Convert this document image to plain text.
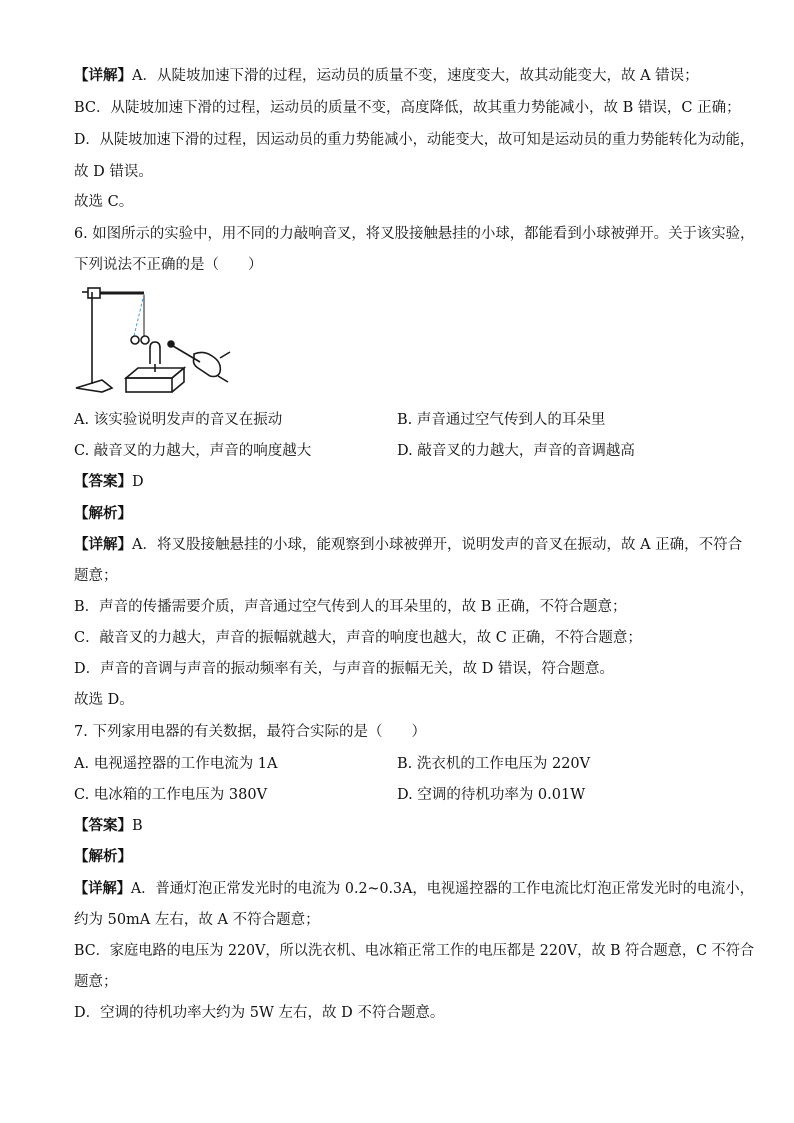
【详解】A．从陡坡加速下滑的过程，运动员的质量不变，速度变大，故其动能变大，故 A 错误；
BC．从陡坡加速下滑的过程，运动员的质量不变，高度降低，故其重力势能减小，故 B 错误，C 正确；
D．从陡坡加速下滑的过程，因运动员的重力势能减小，动能变大，故可知是运动员的重力势能转化为动能，
故 D 错误。
故选 C。
6. 如图所示的实验中，用不同的力敲响音叉，将叉股接触悬挂的小球，都能看到小球被弹开。关于该实验，
下列说法不正确的是（　　）
A. 该实验说明发声的音叉在振动	B. 声音通过空气传到人的耳朵里
C. 敲音叉的力越大，声音的响度越大	D. 敲音叉的力越大，声音的音调越高
【答案】D
【解析】
【详解】A．将叉股接触悬挂的小球，能观察到小球被弹开，说明发声的音叉在振动，故 A 正确，不符合
题意；
B．声音的传播需要介质，声音通过空气传到人的耳朵里的，故 B 正确，不符合题意；
C．敲音叉的力越大，声音的振幅就越大，声音的响度也越大，故 C 正确，不符合题意；
D．声音的音调与声音的振动频率有关，与声音的振幅无关，故 D 错误，符合题意。
故选 D。
7. 下列家用电器的有关数据，最符合实际的是（　　）
A. 电视遥控器的工作电流为 1A	B. 洗衣机的工作电压为 220V
C. 电冰箱的工作电压为 380V	D. 空调的待机功率为 0.01W
【答案】B
【解析】
【详解】A．普通灯泡正常发光时的电流为 0.2~0.3A，电视遥控器的工作电流比灯泡正常发光时的电流小，
约为 50mA 左右，故 A 不符合题意；
BC．家庭电路的电压为 220V，所以洗衣机、电冰箱正常工作的电压都是 220V，故 B 符合题意，C 不符合
题意；
D．空调的待机功率大约为 5W 左右，故 D 不符合题意。
